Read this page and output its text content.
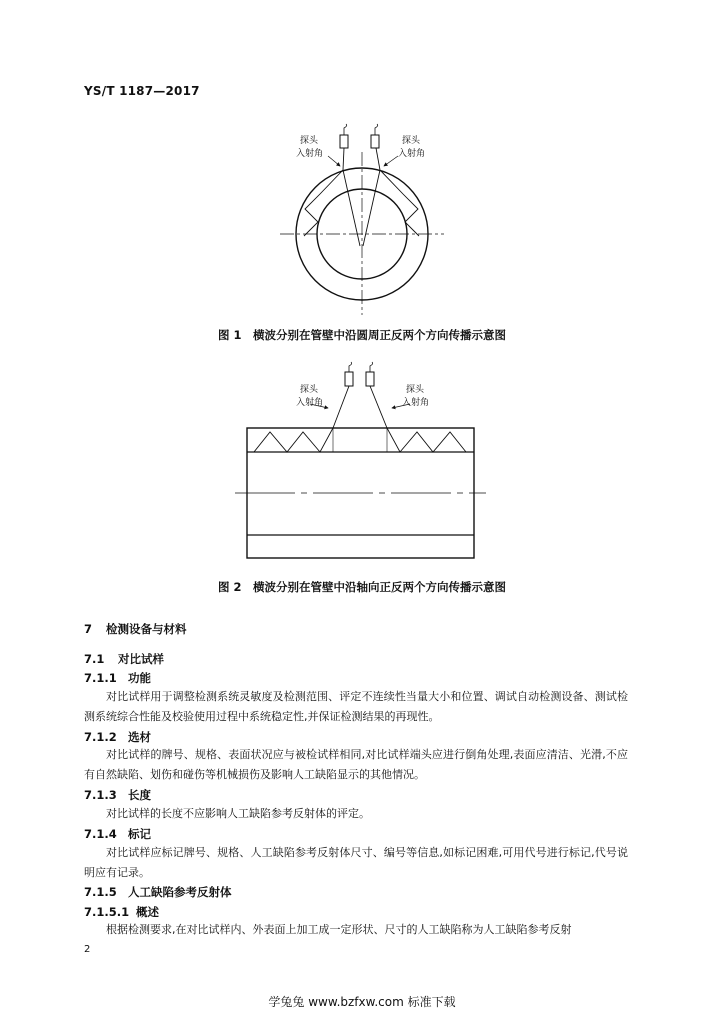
YS/T 1187—2017
探头
入射角
探头
入射角
图 1　横波分别在管壁中沿圆周正反两个方向传播示意图
探头
入射角
探头
入射角
图 2　横波分别在管壁中沿轴向正反两个方向传播示意图
7 检测设备与材料
7.1 对比试样
7.1.1 功能
对比试样用于调整检测系统灵敏度及检测范围、评定不连续性当量大小和位置、调试自动检测设备、测试检测系统综合性能及校验使用过程中系统稳定性,并保证检测结果的再现性。
7.1.2 选材
对比试样的牌号、规格、表面状况应与被检试样相同,对比试样端头应进行倒角处理,表面应清洁、光滑,不应有自然缺陷、划伤和碰伤等机械损伤及影响人工缺陷显示的其他情况。
7.1.3 长度
对比试样的长度不应影响人工缺陷参考反射体的评定。
7.1.4 标记
对比试样应标记牌号、规格、人工缺陷参考反射体尺寸、编号等信息,如标记困难,可用代号进行标记,代号说明应有记录。
7.1.5 人工缺陷参考反射体
7.1.5.1 概述
根据检测要求,在对比试样内、外表面上加工成一定形状、尺寸的人工缺陷称为人工缺陷参考反射
2
学兔兔 www.bzfxw.com 标准下载
